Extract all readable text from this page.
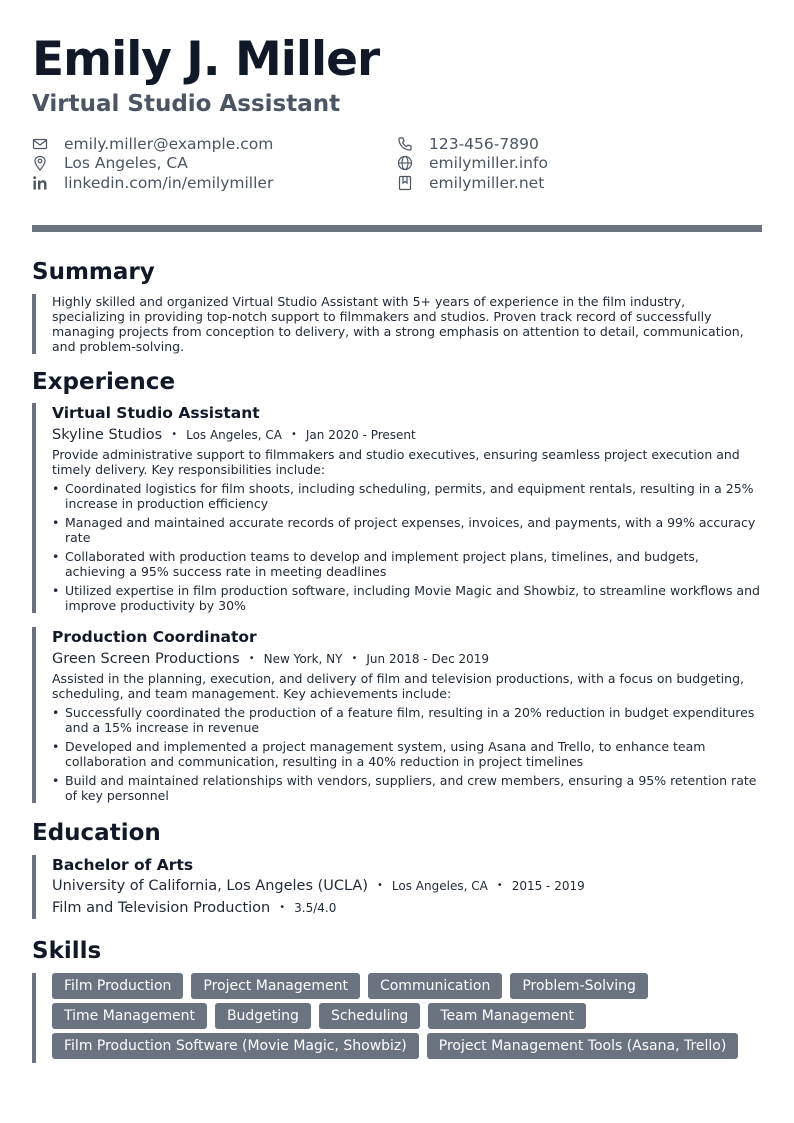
Emily J. Miller
Virtual Studio Assistant
emily.miller@example.com	123-456-7890
Los Angeles, CA	emilymiller.info
linkedin.com/in/emilymiller	emilymiller.net
Summary
Highly skilled and organized Virtual Studio Assistant with 5+ years of experience in the film industry, specializing in providing top-notch support to filmmakers and studios. Proven track record of successfully managing projects from conception to delivery, with a strong emphasis on attention to detail, communication, and problem-solving.
Experience
Virtual Studio Assistant
Skyline Studios • Los Angeles, CA • Jan 2020 - Present
Provide administrative support to filmmakers and studio executives, ensuring seamless project execution and timely delivery. Key responsibilities include:
• Coordinated logistics for film shoots, including scheduling, permits, and equipment rentals, resulting in a 25% increase in production efficiency
• Managed and maintained accurate records of project expenses, invoices, and payments, with a 99% accuracy rate
• Collaborated with production teams to develop and implement project plans, timelines, and budgets, achieving a 95% success rate in meeting deadlines
• Utilized expertise in film production software, including Movie Magic and Showbiz, to streamline workflows and improve productivity by 30%
Production Coordinator
Green Screen Productions • New York, NY • Jun 2018 - Dec 2019
Assisted in the planning, execution, and delivery of film and television productions, with a focus on budgeting, scheduling, and team management. Key achievements include:
• Successfully coordinated the production of a feature film, resulting in a 20% reduction in budget expenditures and a 15% increase in revenue
• Developed and implemented a project management system, using Asana and Trello, to enhance team collaboration and communication, resulting in a 40% reduction in project timelines
• Build and maintained relationships with vendors, suppliers, and crew members, ensuring a 95% retention rate of key personnel
Education
Bachelor of Arts
University of California, Los Angeles (UCLA) • Los Angeles, CA • 2015 - 2019
Film and Television Production • 3.5/4.0
Skills
Film Production	Project Management	Communication	Problem-Solving
Time Management	Budgeting	Scheduling	Team Management
Film Production Software (Movie Magic, Showbiz)	Project Management Tools (Asana, Trello)
